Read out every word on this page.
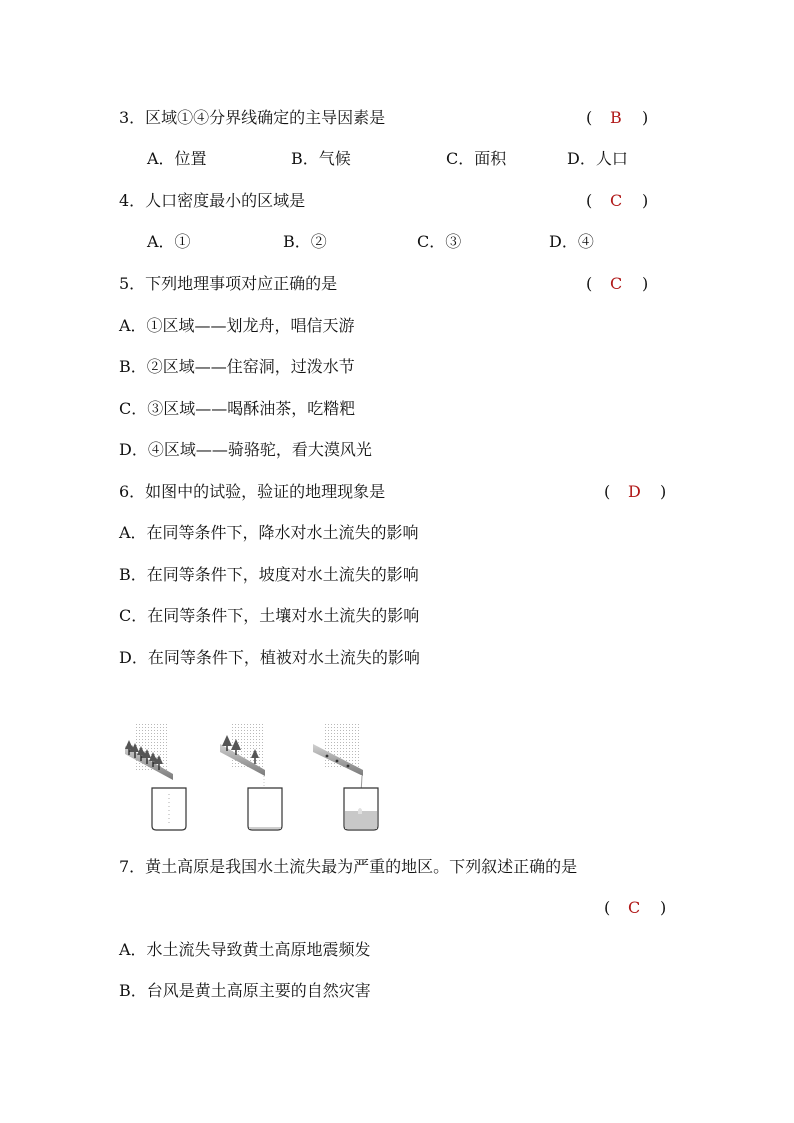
3．区域①④分界线确定的主导因素是	( B )
A．位置	B．气候	C．面积	D．人口
4．人口密度最小的区域是	( C )
A．①	B．②	C．③	D．④
5．下列地理事项对应正确的是	( C )
A．①区域——划龙舟，唱信天游
B．②区域——住窑洞，过泼水节
C．③区域——喝酥油茶，吃糌粑
D．④区域——骑骆驼，看大漠风光
6．如图中的试验，验证的地理现象是	( D )
A．在同等条件下，降水对水土流失的影响
B．在同等条件下，坡度对水土流失的影响
C．在同等条件下，土壤对水土流失的影响
D．在同等条件下，植被对水土流失的影响
7．黄土高原是我国水土流失最为严重的地区。下列叙述正确的是
( C )
A．水土流失导致黄土高原地震频发
B．台风是黄土高原主要的自然灾害
